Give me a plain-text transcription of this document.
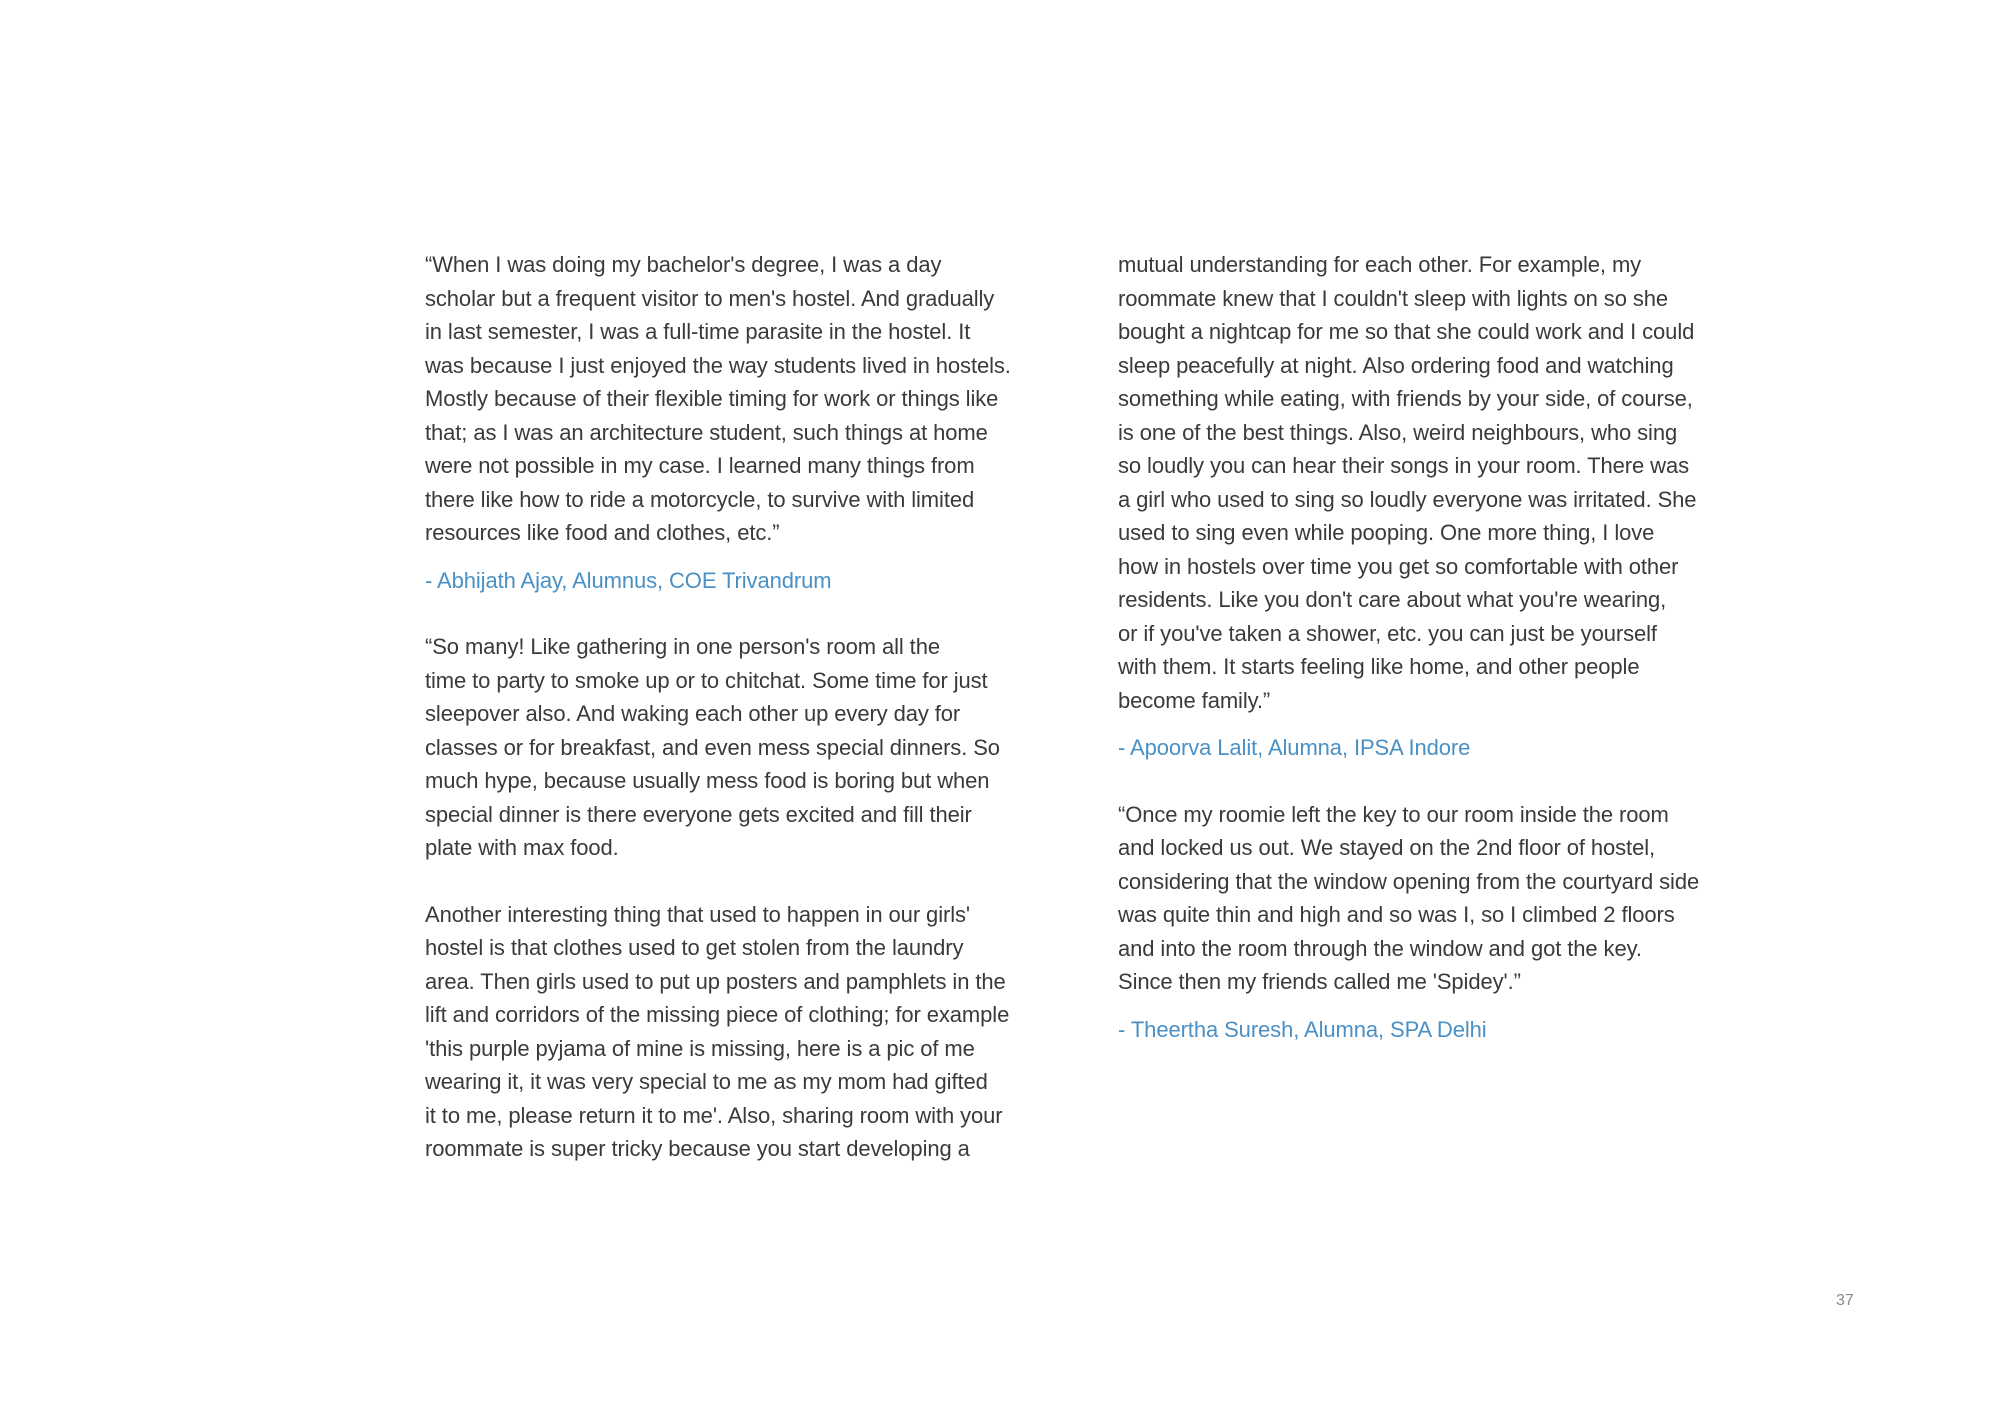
“When I was doing my bachelor's degree, I was a day
scholar but a frequent visitor to men's hostel. And gradually
in last semester, I was a full-time parasite in the hostel. It
was because I just enjoyed the way students lived in hostels.
Mostly because of their flexible timing for work or things like
that; as I was an architecture student, such things at home
were not possible in my case. I learned many things from
there like how to ride a motorcycle, to survive with limited
resources like food and clothes, etc.”
- Abhijath Ajay, Alumnus, COE Trivandrum
“So many! Like gathering in one person's room all the
time to party to smoke up or to chitchat. Some time for just
sleepover also. And waking each other up every day for
classes or for breakfast, and even mess special dinners. So
much hype, because usually mess food is boring but when
special dinner is there everyone gets excited and fill their
plate with max food.
Another interesting thing that used to happen in our girls'
hostel is that clothes used to get stolen from the laundry
area. Then girls used to put up posters and pamphlets in the
lift and corridors of the missing piece of clothing; for example
'this purple pyjama of mine is missing, here is a pic of me
wearing it, it was very special to me as my mom had gifted
it to me, please return it to me'. Also, sharing room with your
roommate is super tricky because you start developing a
mutual understanding for each other. For example, my
roommate knew that I couldn't sleep with lights on so she
bought a nightcap for me so that she could work and I could
sleep peacefully at night. Also ordering food and watching
something while eating, with friends by your side, of course,
is one of the best things. Also, weird neighbours, who sing
so loudly you can hear their songs in your room. There was
a girl who used to sing so loudly everyone was irritated. She
used to sing even while pooping. One more thing, I love
how in hostels over time you get so comfortable with other
residents. Like you don't care about what you're wearing,
or if you've taken a shower, etc. you can just be yourself
with them. It starts feeling like home, and other people
become family.”
- Apoorva Lalit, Alumna, IPSA Indore
“Once my roomie left the key to our room inside the room
and locked us out. We stayed on the 2nd floor of hostel,
considering that the window opening from the courtyard side
was quite thin and high and so was I, so I climbed 2 floors
and into the room through the window and got the key.
Since then my friends called me 'Spidey'.”
- Theertha Suresh, Alumna, SPA Delhi
37
